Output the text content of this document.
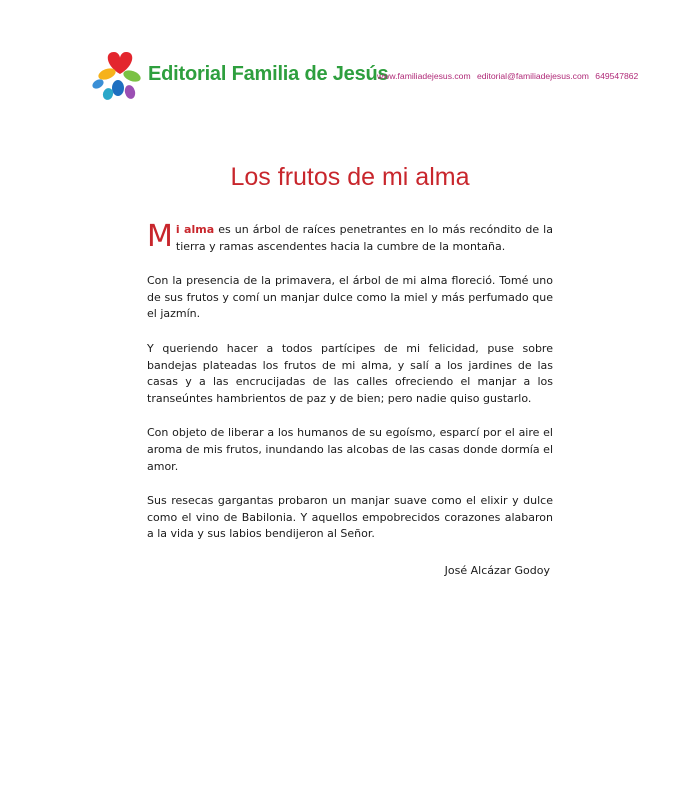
Editorial Familia de Jesús
www.familiadejesus.com editorial@familiadejesus.com 649547862
Los frutos de mi alma

Mi alma es un árbol de raíces penetrantes en lo más recóndito de la tierra y ramas ascendentes hacia la cumbre de la montaña.

Con la presencia de la primavera, el árbol de mi alma floreció. Tomé uno de sus frutos y comí un manjar dulce como la miel y más perfumado que el jazmín.

Y queriendo hacer a todos partícipes de mi felicidad, puse sobre bandejas plateadas los frutos de mi alma, y salí a los jardines de las casas y a las encrucijadas de las calles ofreciendo el manjar a los transeúntes hambrientos de paz y de bien; pero nadie quiso gustarlo.

Con objeto de liberar a los humanos de su egoísmo, esparcí por el aire el aroma de mis frutos, inundando las alcobas de las casas donde dormía el amor.

Sus resecas gargantas probaron un manjar suave como el elixir y dulce como el vino de Babilonia. Y aquellos empobrecidos corazones alabaron a la vida y sus labios bendijeron al Señor.

José Alcázar Godoy
